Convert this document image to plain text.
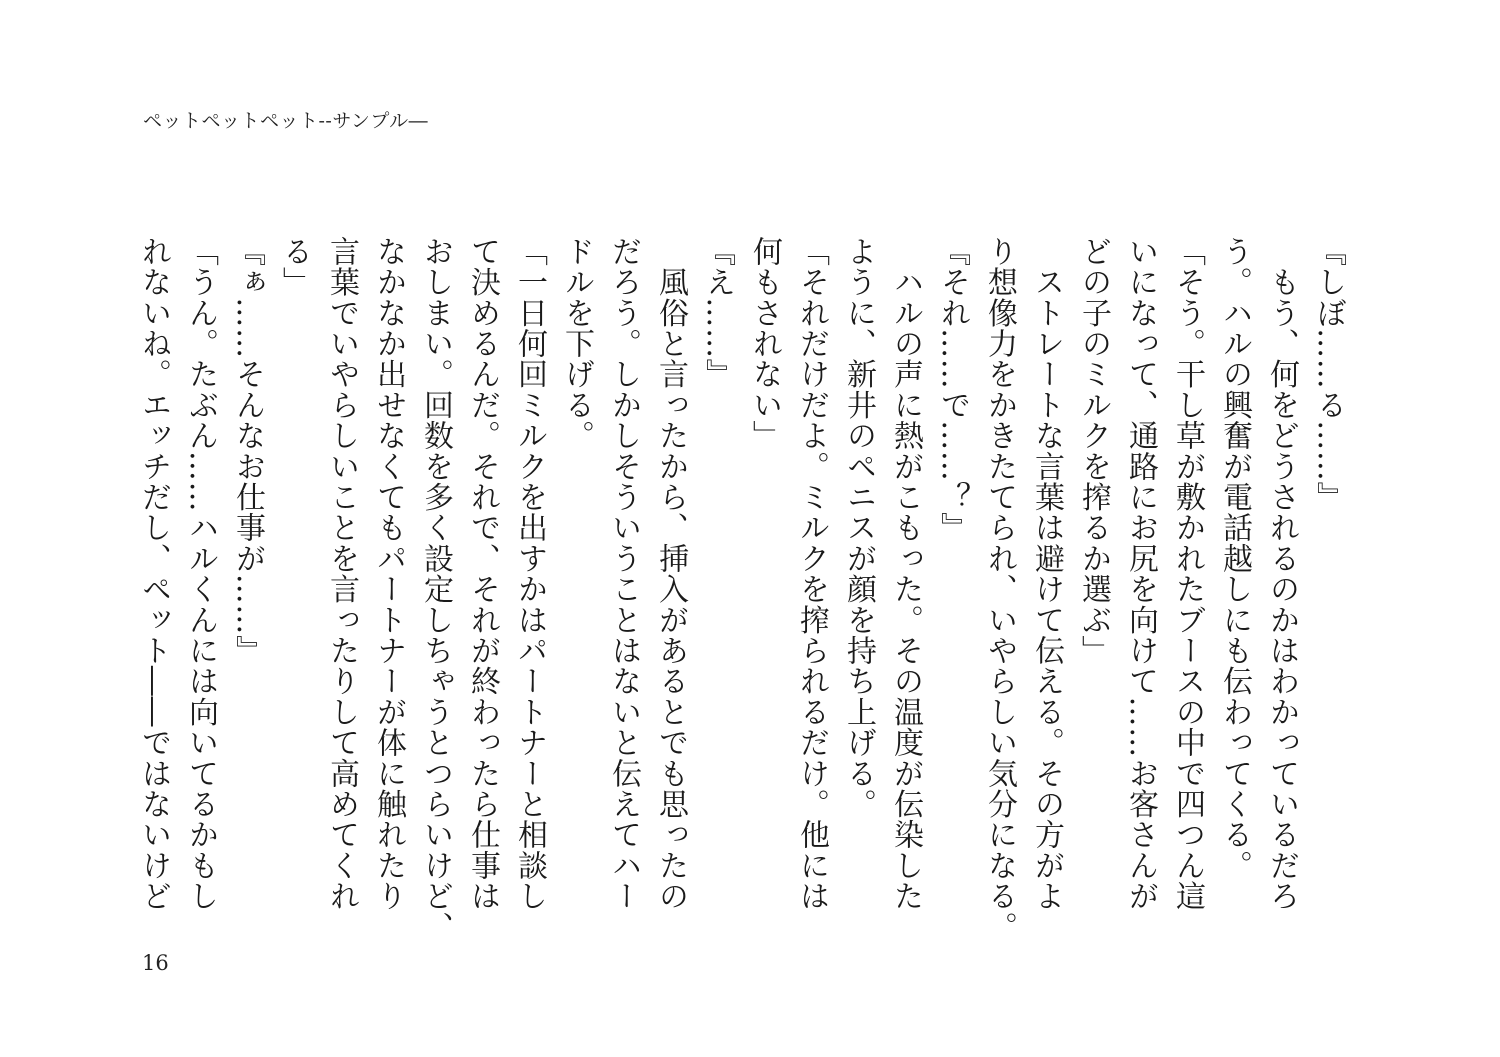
ペットペットペット--サンプル―
『しぼ……る……』
　もう、何をどうされるのかはわかっているだろ
う。ハルの興奮が電話越しにも伝わってくる。
「そう。干し草が敷かれたブースの中で四つん這
いになって、通路にお尻を向けて……お客さんが
どの子のミルクを搾るか選ぶ」
　ストレートな言葉は避けて伝える。その方がよ
り想像力をかきたてられ、いやらしい気分になる。
『それ……で……？』
　ハルの声に熱がこもった。その温度が伝染した
ように、新井のペニスが顔を持ち上げる。
「それだけだよ。ミルクを搾られるだけ。他には
何もされない」
『え……』
　風俗と言ったから、挿入があるとでも思ったの
だろう。しかしそういうことはないと伝えてハー
ドルを下げる。
「一日何回ミルクを出すかはパートナーと相談し
て決めるんだ。それで、それが終わったら仕事は
おしまい。回数を多く設定しちゃうとつらいけど、
なかなか出せなくてもパートナーが体に触れたり
言葉でいやらしいことを言ったりして高めてくれ
る」
『ぁ……そんなお仕事が……』
「うん。たぶん……ハルくんには向いてるかもし
れないね。エッチだし、ペット――ではないけど
16
